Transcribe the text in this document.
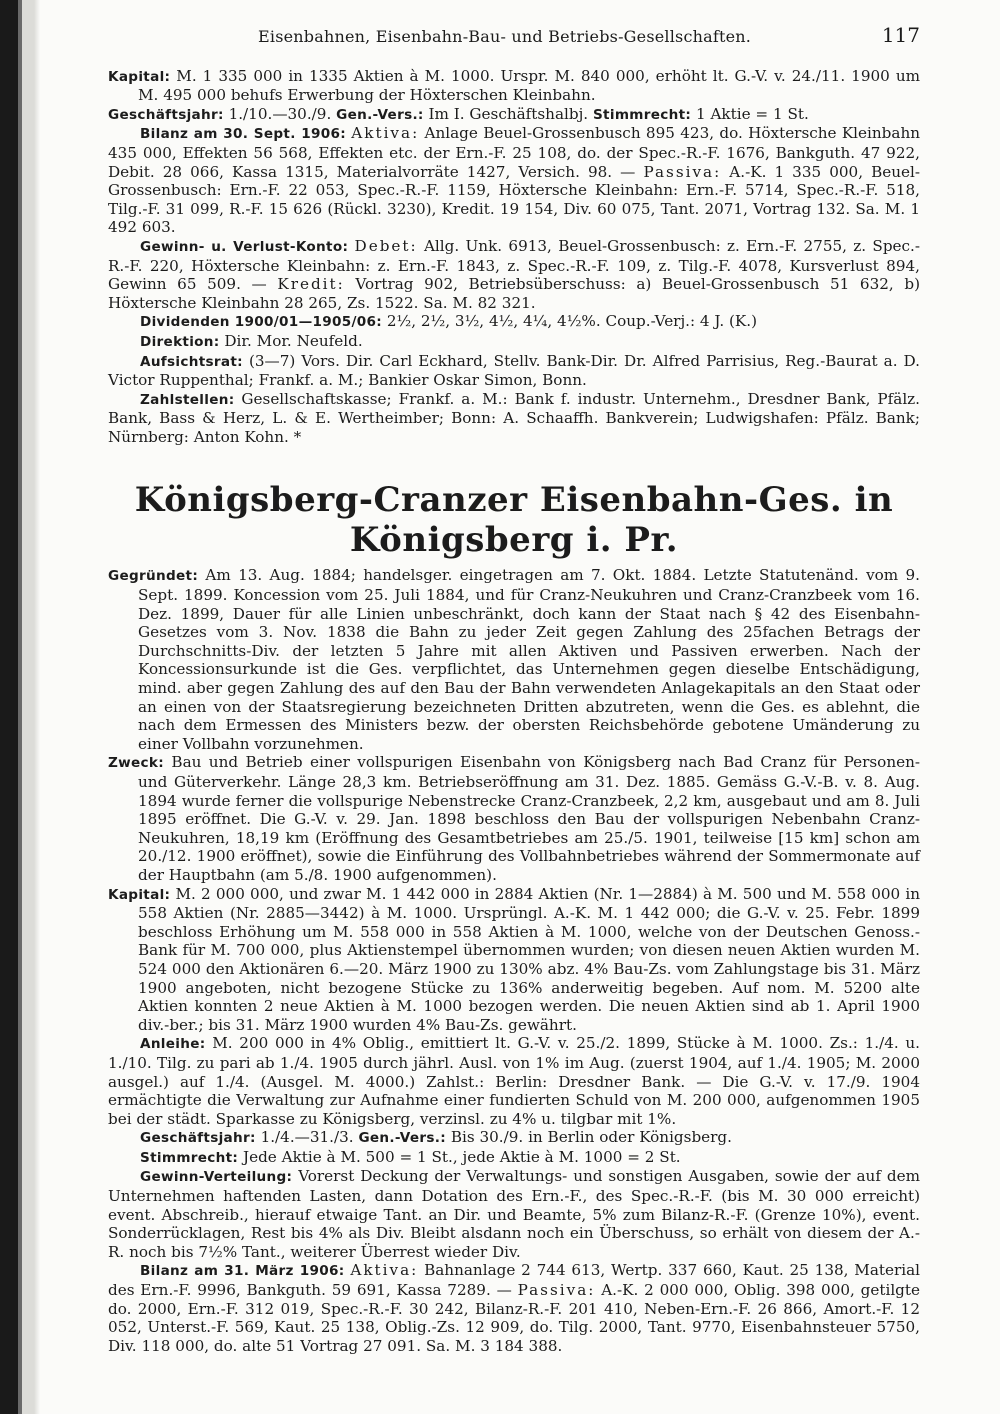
Eisenbahnen, Eisenbahn-Bau- und Betriebs-Gesellschaften.	117

Kapital: M. 1 335 000 in 1335 Aktien à M. 1000. Urspr. M. 840 000, erhöht lt. G.-V. v. 24./11. 1900 um M. 495 000 behufs Erwerbung der Höxterschen Kleinbahn.

Geschäftsjahr: 1./10.—30./9. Gen.-Vers.: Im I. Geschäftshalbj. Stimmrecht: 1 Aktie = 1 St.

Bilanz am 30. Sept. 1906: Aktiva: Anlage Beuel-Grossenbusch 895 423, do. Höxtersche Kleinbahn 435 000, Effekten 56 568, Effekten etc. der Ern.-F. 25 108, do. der Spec.-R.-F. 1676, Bankguth. 47 922, Debit. 28 066, Kassa 1315, Materialvorräte 1427, Versich. 98. — Passiva: A.-K. 1 335 000, Beuel-Grossenbusch: Ern.-F. 22 053, Spec.-R.-F. 1159, Höxtersche Kleinbahn: Ern.-F. 5714, Spec.-R.-F. 518, Tilg.-F. 31 099, R.-F. 15 626 (Rückl. 3230), Kredit. 19 154, Div. 60 075, Tant. 2071, Vortrag 132. Sa. M. 1 492 603.

Gewinn- u. Verlust-Konto: Debet: Allg. Unk. 6913, Beuel-Grossenbusch: z. Ern.-F. 2755, z. Spec.-R.-F. 220, Höxtersche Kleinbahn: z. Ern.-F. 1843, z. Spec.-R.-F. 109, z. Tilg.-F. 4078, Kursverlust 894, Gewinn 65 509. — Kredit: Vortrag 902, Betriebsüberschuss: a) Beuel-Grossenbusch 51 632, b) Höxtersche Kleinbahn 28 265, Zs. 1522. Sa. M. 82 321.

Dividenden 1900/01—1905/06: 2½, 2½, 3½, 4½, 4¼, 4½%. Coup.-Verj.: 4 J. (K.)

Direktion: Dir. Mor. Neufeld.

Aufsichtsrat: (3—7) Vors. Dir. Carl Eckhard, Stellv. Bank-Dir. Dr. Alfred Parrisius, Reg.-Baurat a. D. Victor Ruppenthal; Frankf. a. M.; Bankier Oskar Simon, Bonn.

Zahlstellen: Gesellschaftskasse; Frankf. a. M.: Bank f. industr. Unternehm., Dresdner Bank, Pfälz. Bank, Bass & Herz, L. & E. Wertheimber; Bonn: A. Schaaffh. Bankverein; Ludwigshafen: Pfälz. Bank; Nürnberg: Anton Kohn. *

Königsberg-Cranzer Eisenbahn-Ges. in Königsberg i. Pr.

Gegründet: Am 13. Aug. 1884; handelsger. eingetragen am 7. Okt. 1884. Letzte Statutenänd. vom 9. Sept. 1899. Koncession vom 25. Juli 1884, und für Cranz-Neukuhren und Cranz-Cranzbeek vom 16. Dez. 1899, Dauer für alle Linien unbeschränkt, doch kann der Staat nach § 42 des Eisenbahn-Gesetzes vom 3. Nov. 1838 die Bahn zu jeder Zeit gegen Zahlung des 25fachen Betrags der Durchschnitts-Div. der letzten 5 Jahre mit allen Aktiven und Passiven erwerben. Nach der Koncessionsurkunde ist die Ges. verpflichtet, das Unternehmen gegen dieselbe Entschädigung, mind. aber gegen Zahlung des auf den Bau der Bahn verwendeten Anlagekapitals an den Staat oder an einen von der Staatsregierung bezeichneten Dritten abzutreten, wenn die Ges. es ablehnt, die nach dem Ermessen des Ministers bezw. der obersten Reichsbehörde gebotene Umänderung zu einer Vollbahn vorzunehmen.

Zweck: Bau und Betrieb einer vollspurigen Eisenbahn von Königsberg nach Bad Cranz für Personen- und Güterverkehr. Länge 28,3 km. Betriebseröffnung am 31. Dez. 1885. Gemäss G.-V.-B. v. 8. Aug. 1894 wurde ferner die vollspurige Nebenstrecke Cranz-Cranzbeek, 2,2 km, ausgebaut und am 8. Juli 1895 eröffnet. Die G.-V. v. 29. Jan. 1898 beschloss den Bau der vollspurigen Nebenbahn Cranz-Neukuhren, 18,19 km (Eröffnung des Gesamtbetriebes am 25./5. 1901, teilweise [15 km] schon am 20./12. 1900 eröffnet), sowie die Einführung des Vollbahnbetriebes während der Sommermonate auf der Hauptbahn (am 5./8. 1900 aufgenommen).

Kapital: M. 2 000 000, und zwar M. 1 442 000 in 2884 Aktien (Nr. 1—2884) à M. 500 und M. 558 000 in 558 Aktien (Nr. 2885—3442) à M. 1000. Ursprüngl. A.-K. M. 1 442 000; die G.-V. v. 25. Febr. 1899 beschloss Erhöhung um M. 558 000 in 558 Aktien à M. 1000, welche von der Deutschen Genoss.-Bank für M. 700 000, plus Aktienstempel übernommen wurden; von diesen neuen Aktien wurden M. 524 000 den Aktionären 6.—20. März 1900 zu 130% abz. 4% Bau-Zs. vom Zahlungstage bis 31. März 1900 angeboten, nicht bezogene Stücke zu 136% anderweitig begeben. Auf nom. M. 5200 alte Aktien konnten 2 neue Aktien à M. 1000 bezogen werden. Die neuen Aktien sind ab 1. April 1900 div.-ber.; bis 31. März 1900 wurden 4% Bau-Zs. gewährt.

Anleihe: M. 200 000 in 4% Oblig., emittiert lt. G.-V. v. 25./2. 1899, Stücke à M. 1000. Zs.: 1./4. u. 1./10. Tilg. zu pari ab 1./4. 1905 durch jährl. Ausl. von 1% im Aug. (zuerst 1904, auf 1./4. 1905; M. 2000 ausgel.) auf 1./4. (Ausgel. M. 4000.) Zahlst.: Berlin: Dresdner Bank. — Die G.-V. v. 17./9. 1904 ermächtigte die Verwaltung zur Aufnahme einer fundierten Schuld von M. 200 000, aufgenommen 1905 bei der städt. Sparkasse zu Königsberg, verzinsl. zu 4% u. tilgbar mit 1%.

Geschäftsjahr: 1./4.—31./3. Gen.-Vers.: Bis 30./9. in Berlin oder Königsberg.

Stimmrecht: Jede Aktie à M. 500 = 1 St., jede Aktie à M. 1000 = 2 St.

Gewinn-Verteilung: Vorerst Deckung der Verwaltungs- und sonstigen Ausgaben, sowie der auf dem Unternehmen haftenden Lasten, dann Dotation des Ern.-F., des Spec.-R.-F. (bis M. 30 000 erreicht) event. Abschreib., hierauf etwaige Tant. an Dir. und Beamte, 5% zum Bilanz-R.-F. (Grenze 10%), event. Sonderrücklagen, Rest bis 4% als Div. Bleibt alsdann noch ein Überschuss, so erhält von diesem der A.-R. noch bis 7½% Tant., weiterer Überrest wieder Div.

Bilanz am 31. März 1906: Aktiva: Bahnanlage 2 744 613, Wertp. 337 660, Kaut. 25 138, Material des Ern.-F. 9996, Bankguth. 59 691, Kassa 7289. — Passiva: A.-K. 2 000 000, Oblig. 398 000, getilgte do. 2000, Ern.-F. 312 019, Spec.-R.-F. 30 242, Bilanz-R.-F. 201 410, Neben-Ern.-F. 26 866, Amort.-F. 12 052, Unterst.-F. 569, Kaut. 25 138, Oblig.-Zs. 12 909, do. Tilg. 2000, Tant. 9770, Eisenbahnsteuer 5750, Div. 118 000, do. alte 51 Vortrag 27 091. Sa. M. 3 184 388.
